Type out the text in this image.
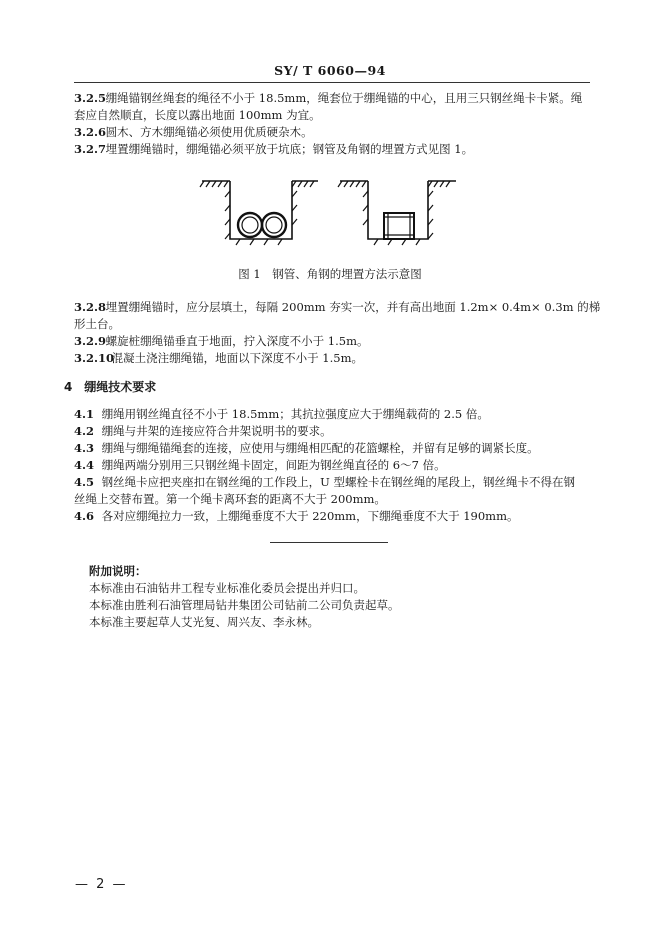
SY/ T 6060—94
3.2.5 绷绳锚钢丝绳套的绳径不小于 18.5mm，绳套位于绷绳锚的中心，且用三只钢丝绳卡卡紧。绳
套应自然顺直，长度以露出地面 100mm 为宜。
3.2.6 圆木、方木绷绳锚必须使用优质硬杂木。
3.2.7 埋置绷绳锚时，绷绳锚必须平放于坑底；钢管及角钢的埋置方式见图 1。
图 1　钢管、角钢的埋置方法示意图
3.2.8 埋置绷绳锚时，应分层填土，每隔 200mm 夯实一次，并有高出地面 1.2m× 0.4m× 0.3m 的梯
形土台。
3.2.9 螺旋桩绷绳锚垂直于地面，拧入深度不小于 1.5m。
3.2.10 混凝土浇注绷绳锚，地面以下深度不小于 1.5m。
4 绷绳技术要求
4.1 绷绳用钢丝绳直径不小于 18.5mm；其抗拉强度应大于绷绳载荷的 2.5 倍。
4.2 绷绳与井架的连接应符合井架说明书的要求。
4.3 绷绳与绷绳锚绳套的连接，应使用与绷绳相匹配的花篮螺栓，并留有足够的调紧长度。
4.4 绷绳两端分别用三只钢丝绳卡固定，间距为钢丝绳直径的 6～7 倍。
4.5 钢丝绳卡应把夹座扣在钢丝绳的工作段上，U 型螺栓卡在钢丝绳的尾段上，钢丝绳卡不得在钢
丝绳上交替布置。第一个绳卡离环套的距离不大于 200mm。
4.6 各对应绷绳拉力一致，上绷绳垂度不大于 220mm，下绷绳垂度不大于 190mm。
附加说明：
本标准由石油钻井工程专业标准化委员会提出并归口。
本标准由胜利石油管理局钻井集团公司钻前二公司负责起草。
本标准主要起草人艾光复、周兴友、李永林。
— 2 —
